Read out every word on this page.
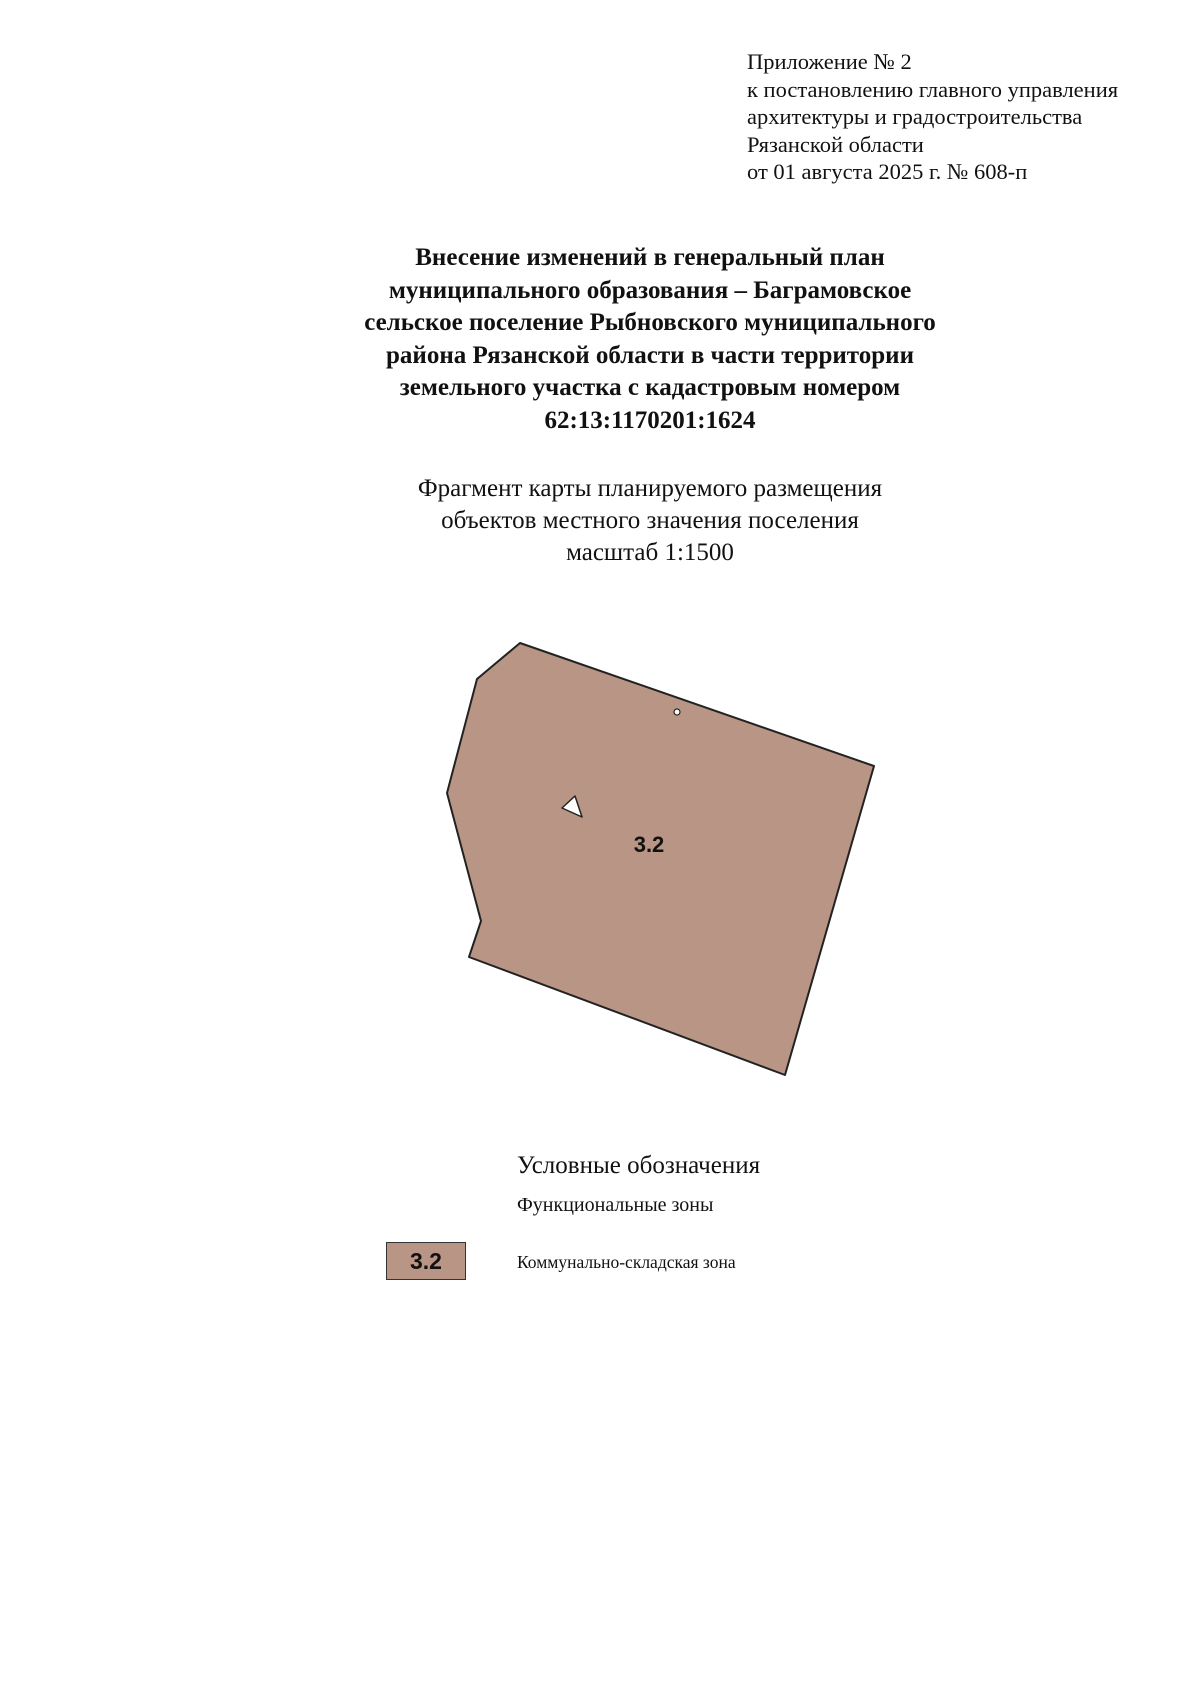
Приложение № 2
к постановлению главного управления
архитектуры и градостроительства
Рязанской области
от 01 августа 2025 г. № 608-п
Внесение изменений в генеральный план
муниципального образования – Баграмовское
сельское поселение Рыбновского муниципального
района Рязанской области в части территории
земельного участка с кадастровым номером
62:13:1170201:1624
Фрагмент карты планируемого размещения
объектов местного значения поселения
масштаб 1:1500
3.2
Условные обозначения
Функциональные зоны
3.2	Коммунально-складская зона
